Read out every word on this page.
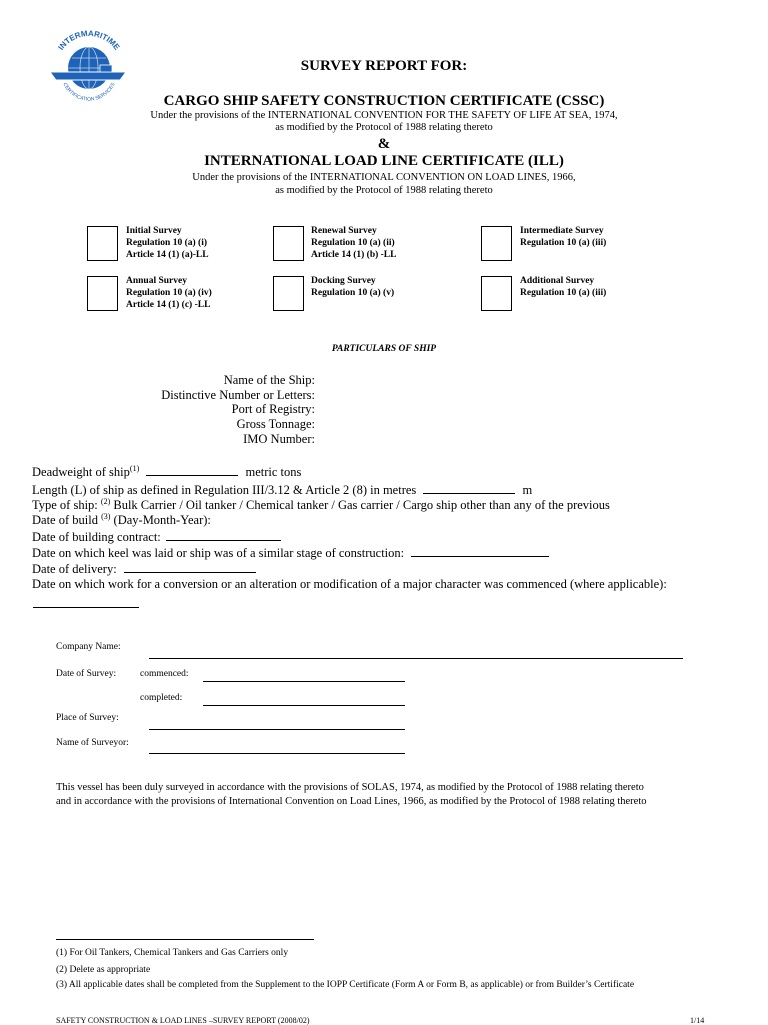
INTERMARITIME
CERTIFICATION SERVICES
SURVEY REPORT FOR:
CARGO SHIP SAFETY CONSTRUCTION CERTIFICATE (CSSC)
Under the provisions of the INTERNATIONAL CONVENTION FOR THE SAFETY OF LIFE AT SEA, 1974,
as modified by the Protocol of 1988 relating thereto
&
INTERNATIONAL LOAD LINE CERTIFICATE (ILL)
Under the provisions of the INTERNATIONAL CONVENTION ON LOAD LINES, 1966,
as modified by the Protocol of 1988 relating thereto
Initial Survey
Regulation 10 (a) (i)
Article 14 (1) (a)-LL
Renewal Survey
Regulation 10 (a) (ii)
Article 14 (1) (b) -LL
Intermediate Survey
Regulation 10 (a) (iii)
Annual Survey
Regulation 10 (a) (iv)
Article 14 (1) (c) -LL
Docking Survey
Regulation 10 (a) (v)
Additional Survey
Regulation 10 (a) (iii)
PARTICULARS OF SHIP
Name of the Ship:
Distinctive Number or Letters:
Port of Registry:
Gross Tonnage:
IMO Number:
Deadweight of ship$^{(1)}$	metric tons
Length (L) of ship as defined in Regulation III/3.12 & Article 2 (8) in metres	m
Type of ship: $^{(2)}$ Bulk Carrier / Oil tanker / Chemical tanker / Gas carrier / Cargo ship other than any of the previous
Date of build $^{(3)}$ (Day-Month-Year):
Date of building contract:
Date on which keel was laid or ship was of a similar stage of construction:
Date of delivery:
Date on which work for a conversion or an alteration or modification of a major character was commenced (where applicable):
Company Name:
Date of Survey:	commenced:
completed:
Place of Survey:
Name of Surveyor:
This vessel has been duly surveyed in accordance with the provisions of SOLAS, 1974, as modified by the Protocol of 1988 relating thereto
and in accordance with the provisions of International Convention on Load Lines, 1966, as modified by the Protocol of 1988 relating thereto
(1) For Oil Tankers, Chemical Tankers and Gas Carriers only
(2) Delete as appropriate
(3) All applicable dates shall be completed from the Supplement to the IOPP Certificate (Form A or Form B, as applicable) or from Builder’s Certificate
SAFETY CONSTRUCTION & LOAD LINES –SURVEY REPORT (2008/02)	1/14
